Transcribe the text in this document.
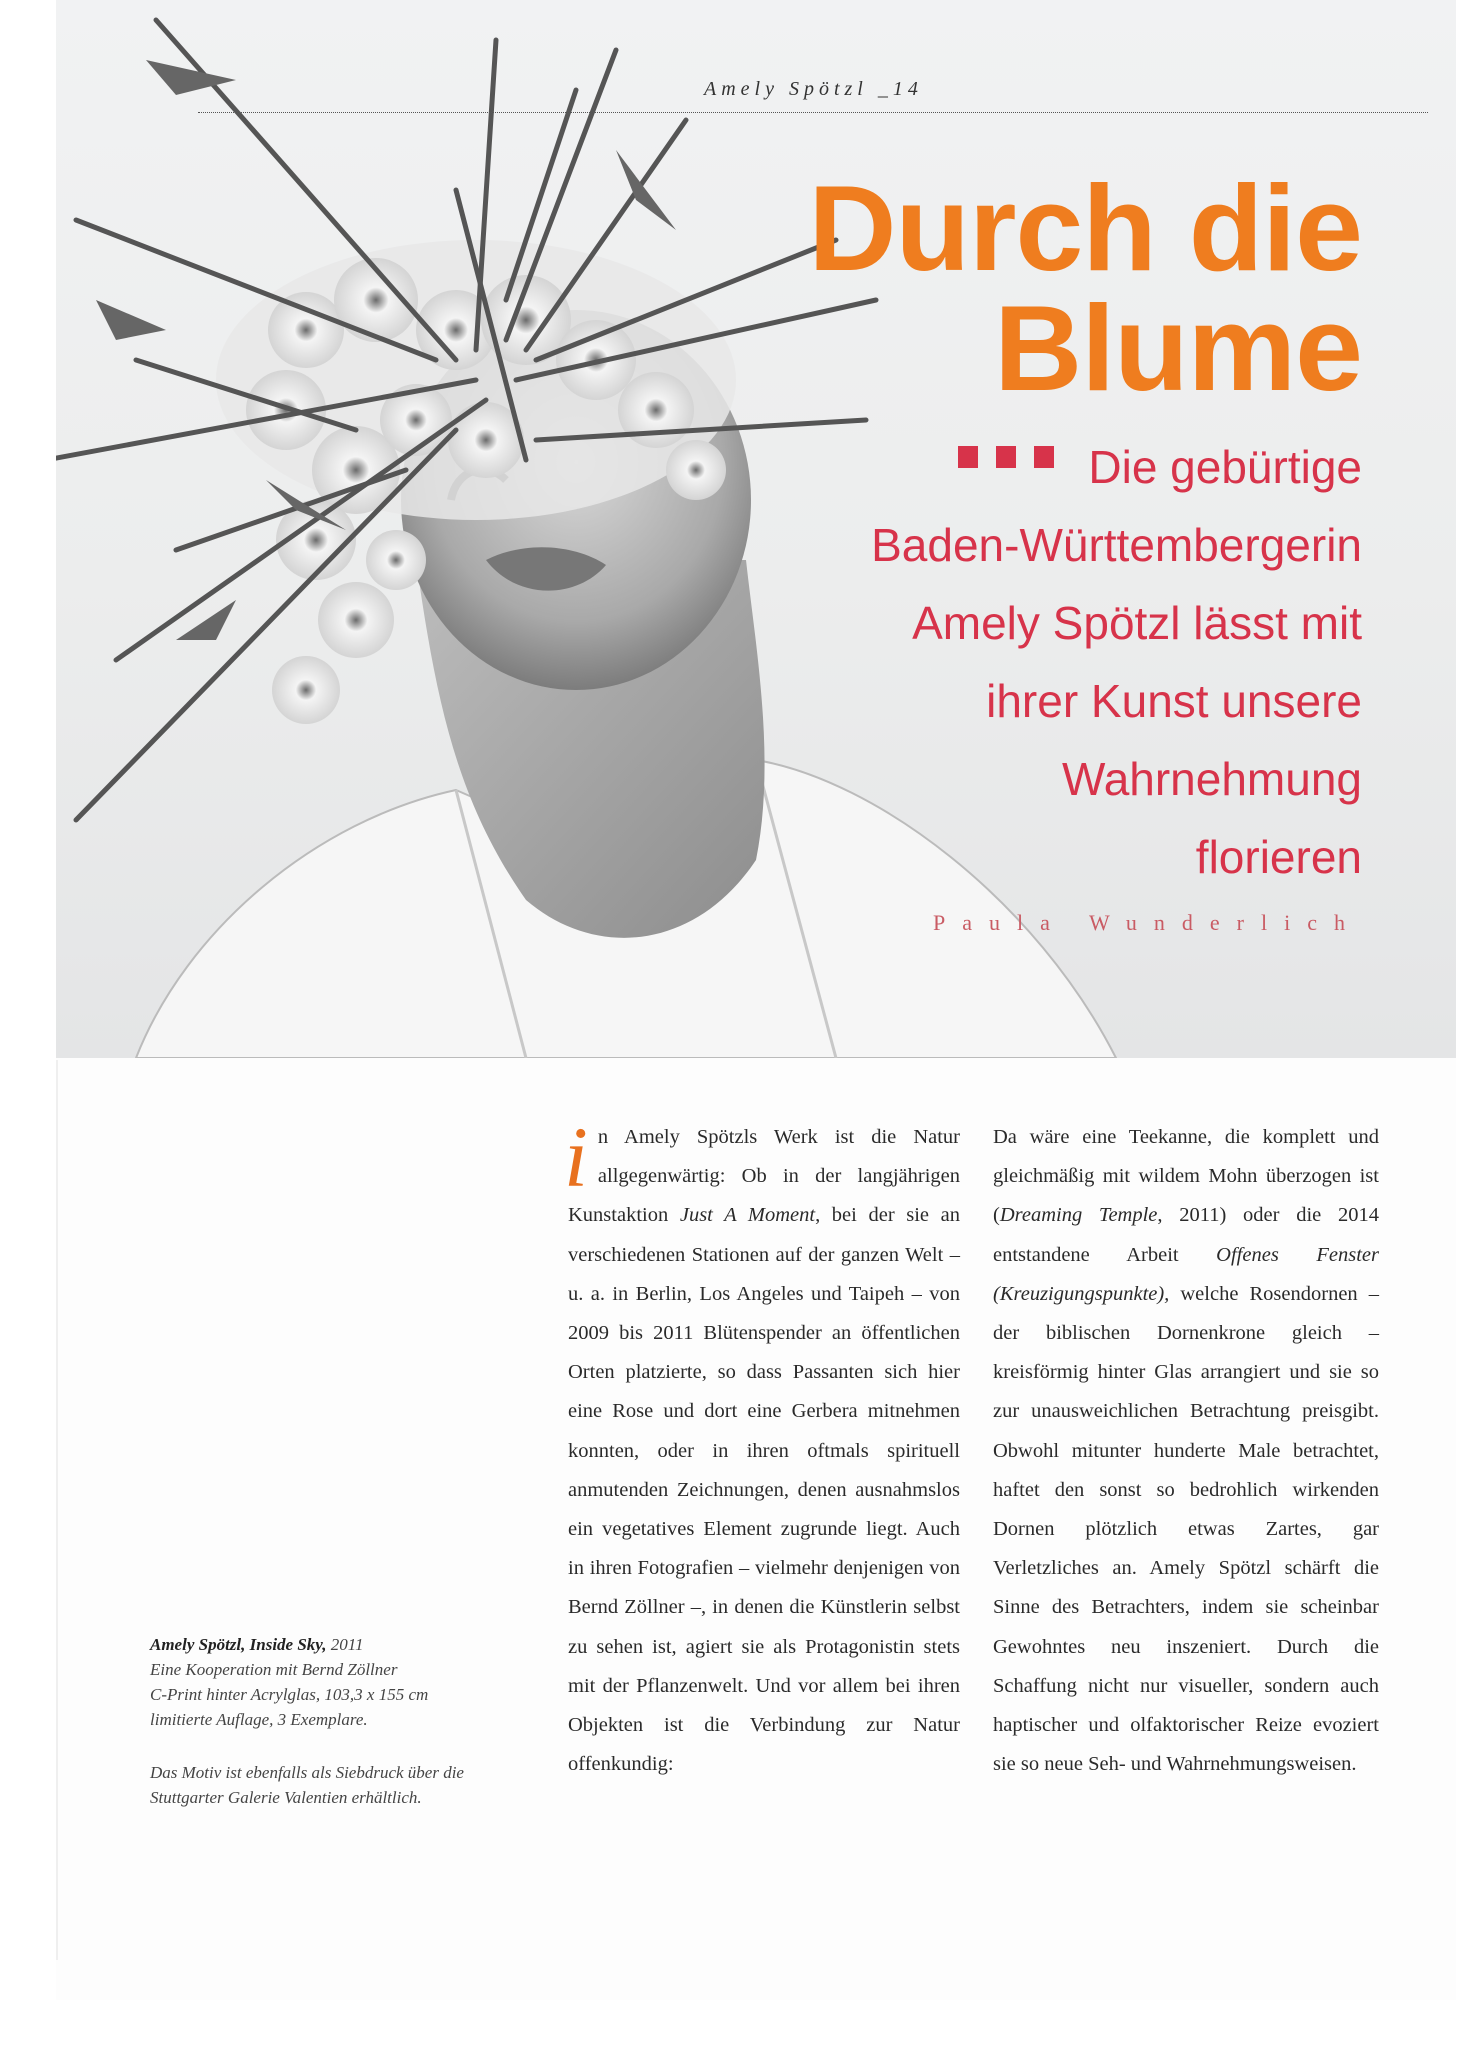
Amely Spötzl _14
Durch die
Blume
Die gebürtige
Baden-Württembergerin
Amely Spötzl lässt mit
ihrer Kunst unsere
Wahrnehmung
florieren
Paula Wunderlich

Amely Spötzl, Inside Sky, 2011
Eine Kooperation mit Bernd Zöllner
C-Print hinter Acrylglas, 103,3 x 155 cm
limitierte Auflage, 3 Exemplare.

Das Motiv ist ebenfalls als Siebdruck über die Stuttgarter Galerie Valentien erhältlich.

in Amely Spötzls Werk ist die Natur allgegenwärtig: Ob in der langjährigen Kunstaktion Just A Moment, bei der sie an verschiedenen Stationen auf der ganzen Welt – u. a. in Berlin, Los Angeles und Taipeh – von 2009 bis 2011 Blütenspender an öffentlichen Orten platzierte, so dass Passanten sich hier eine Rose und dort eine Gerbera mitnehmen konnten, oder in ihren oftmals spirituell anmutenden Zeichnungen, denen ausnahmslos ein vegetatives Element zugrunde liegt. Auch in ihren Fotografien – vielmehr denjenigen von Bernd Zöllner –, in denen die Künstlerin selbst zu sehen ist, agiert sie als Protagonistin stets mit der Pflanzenwelt. Und vor allem bei ihren Objekten ist die Verbindung zur Natur offenkundig:
Da wäre eine Teekanne, die komplett und gleichmäßig mit wildem Mohn überzogen ist (Dreaming Temple, 2011) oder die 2014 entstandene Arbeit Offenes Fenster (Kreuzigungspunkte), welche Rosendornen – der biblischen Dornenkrone gleich – kreisförmig hinter Glas arrangiert und sie so zur unausweichlichen Betrachtung preisgibt. Obwohl mitunter hunderte Male betrachtet, haftet den sonst so bedrohlich wirkenden Dornen plötzlich etwas Zartes, gar Verletzliches an. Amely Spötzl schärft die Sinne des Betrachters, indem sie scheinbar Gewohntes neu inszeniert. Durch die Schaffung nicht nur visueller, sondern auch haptischer und olfaktorischer Reize evoziert sie so neue Seh- und Wahrnehmungsweisen.
